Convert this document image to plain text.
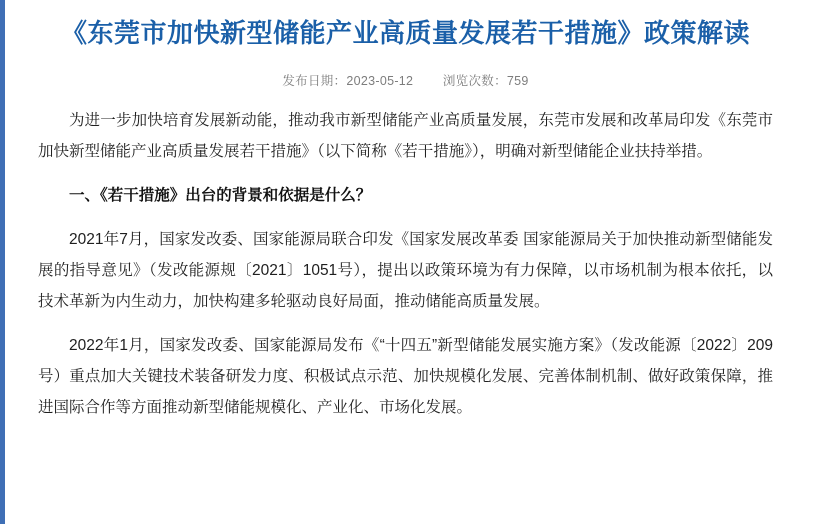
《东莞市加快新型储能产业高质量发展若干措施》政策解读
发布日期：2023-05-12 浏览次数：759

为进一步加快培育发展新动能，推动我市新型储能产业高质量发展，东莞市发展和改革局印发《东莞市加快新型储能产业高质量发展若干措施》（以下简称《若干措施》），明确对新型储能企业扶持举措。

一、《若干措施》出台的背景和依据是什么？

2021年7月，国家发改委、国家能源局联合印发《国家发展改革委 国家能源局关于加快推动新型储能发展的指导意见》（发改能源规〔2021〕1051号），提出以政策环境为有力保障，以市场机制为根本依托，以技术革新为内生动力，加快构建多轮驱动良好局面，推动储能高质量发展。

2022年1月，国家发改委、国家能源局发布《“十四五”新型储能发展实施方案》（发改能源〔2022〕209号）重点加大关键技术装备研发力度、积极试点示范、加快规模化发展、完善体制机制、做好政策保障，推进国际合作等方面推动新型储能规模化、产业化、市场化发展。
